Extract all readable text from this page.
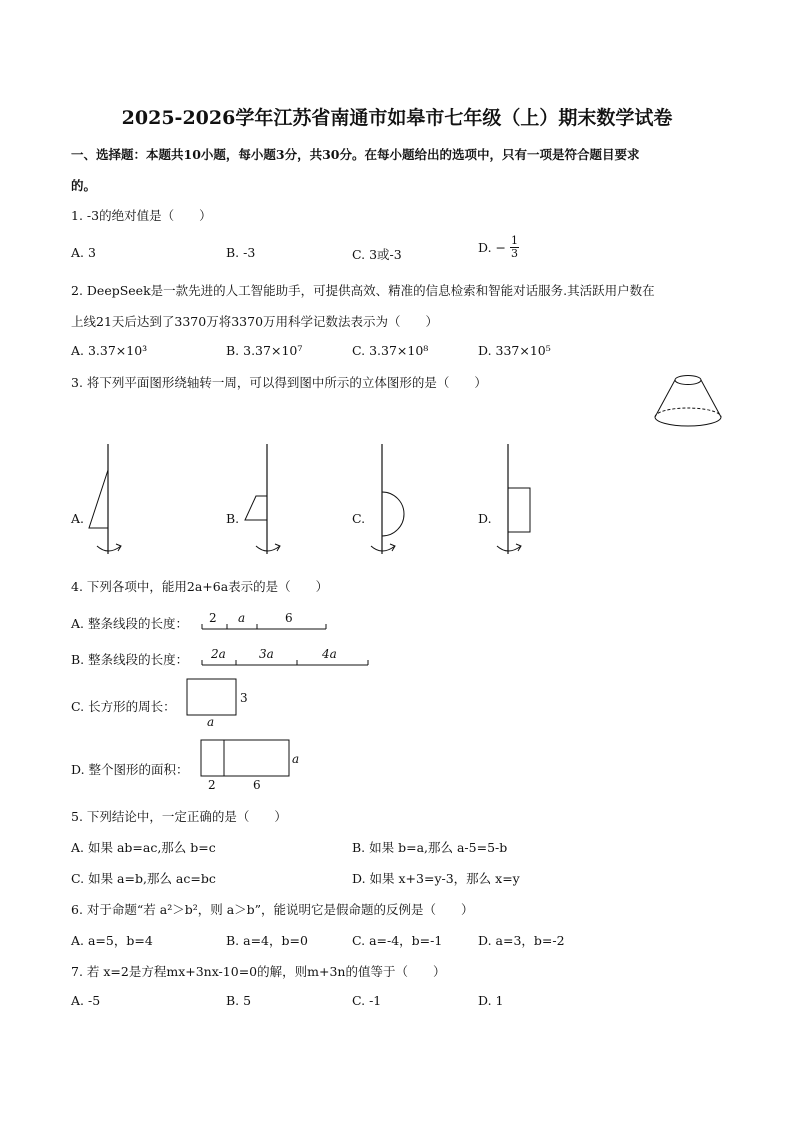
2025-2026学年江苏省南通市如皋市七年级（上）期末数学试卷
一、选择题：本题共10小题，每小题3分，共30分。在每小题给出的选项中，只有一项是符合题目要求
的。
1. -3的绝对值是（　　）
A. 3	B. -3	C. 3或-3	D. − $\frac{1}{3}$
2. DeepSeek是一款先进的人工智能助手，可提供高效、精准的信息检索和智能对话服务.其活跃用户数在
上线21天后达到了3370万将3370万用科学记数法表示为（　　）
A. 3.37×10³	B. 3.37×10⁷	C. 3.37×10⁸	D. 337×10⁵
3. 将下列平面图形绕轴转一周，可以得到图中所示的立体图形的是（　　）
A.	B.	C.	D.
4. 下列各项中，能用2a+6a表示的是（　　）
A. 整条线段的长度： 2 a	6
B. 整条线段的长度： 2a	3a	4a
C. 长方形的周长：
3
a
D. 整个图形的面积：
a
2	6
5. 下列结论中，一定正确的是（　　）
A. 如果 ab=ac,那么 b=c	B. 如果 b=a,那么 a-5=5-b
C. 如果 a=b,那么 ac=bc	D. 如果 x+3=y-3，那么 x=y
6. 对于命题“若 a²＞b²，则 a＞b”，能说明它是假命题的反例是（　　）
A. a=5，b=4	B. a=4，b=0	C. a=-4，b=-1	D. a=3，b=-2
7. 若 x=2是方程mx+3nx-10=0的解，则m+3n的值等于（　　）
A. -5	B. 5	C. -1	D. 1
